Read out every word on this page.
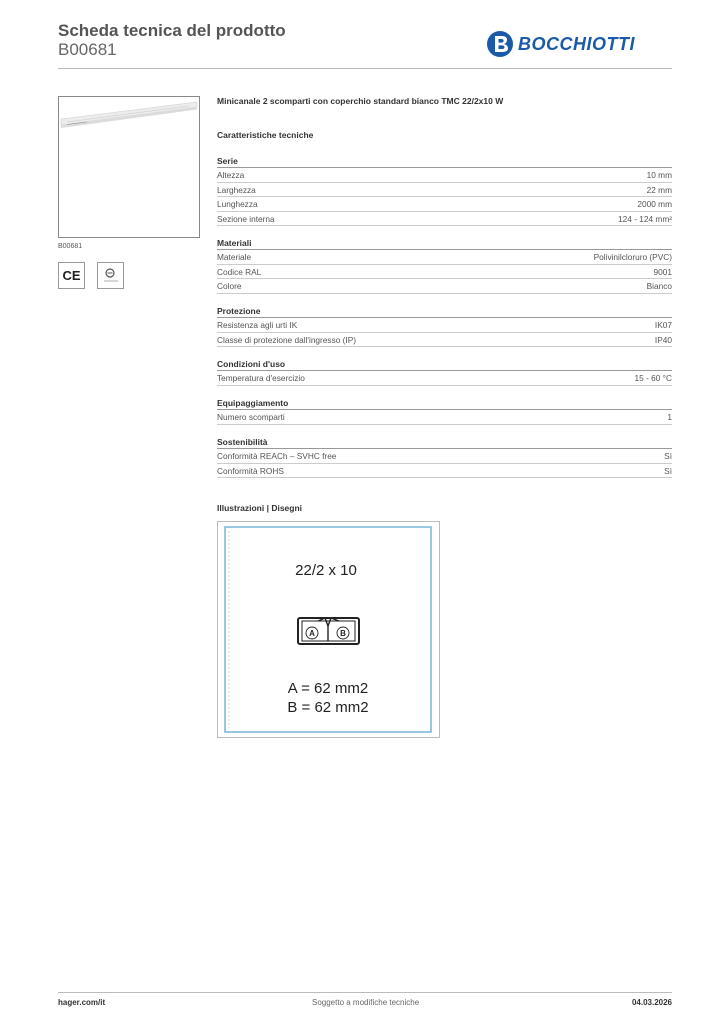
Scheda tecnica del prodotto
B00681	BOCCHIOTTI
B00681
CE
Minicanale 2 scomparti con coperchio standard bianco TMC 22/2x10 W
Caratteristiche tecniche
Serie
Altezza	10 mm
Larghezza	22 mm
Lunghezza	2000 mm
Sezione interna	124 - 124 mm²
Materiali
Materiale	Polivinilcloruro (PVC)
Codice RAL	9001
Colore	Bianco
Protezione
Resistenza agli urti IK	IK07
Classe di protezione dall'ingresso (IP)	IP40
Condizioni d'uso
Temperatura d'esercizio	15 - 60 °C
Equipaggiamento
Numero scomparti	1
Sostenibilità
Conformità REACh – SVHC free	Sì
Conformità ROHS	Sì
Illustrazioni | Disegni
22/2 x 10
A	B
A = 62 mm2
B = 62 mm2
hager.com/it	Soggetto a modifiche tecniche	04.03.2026
